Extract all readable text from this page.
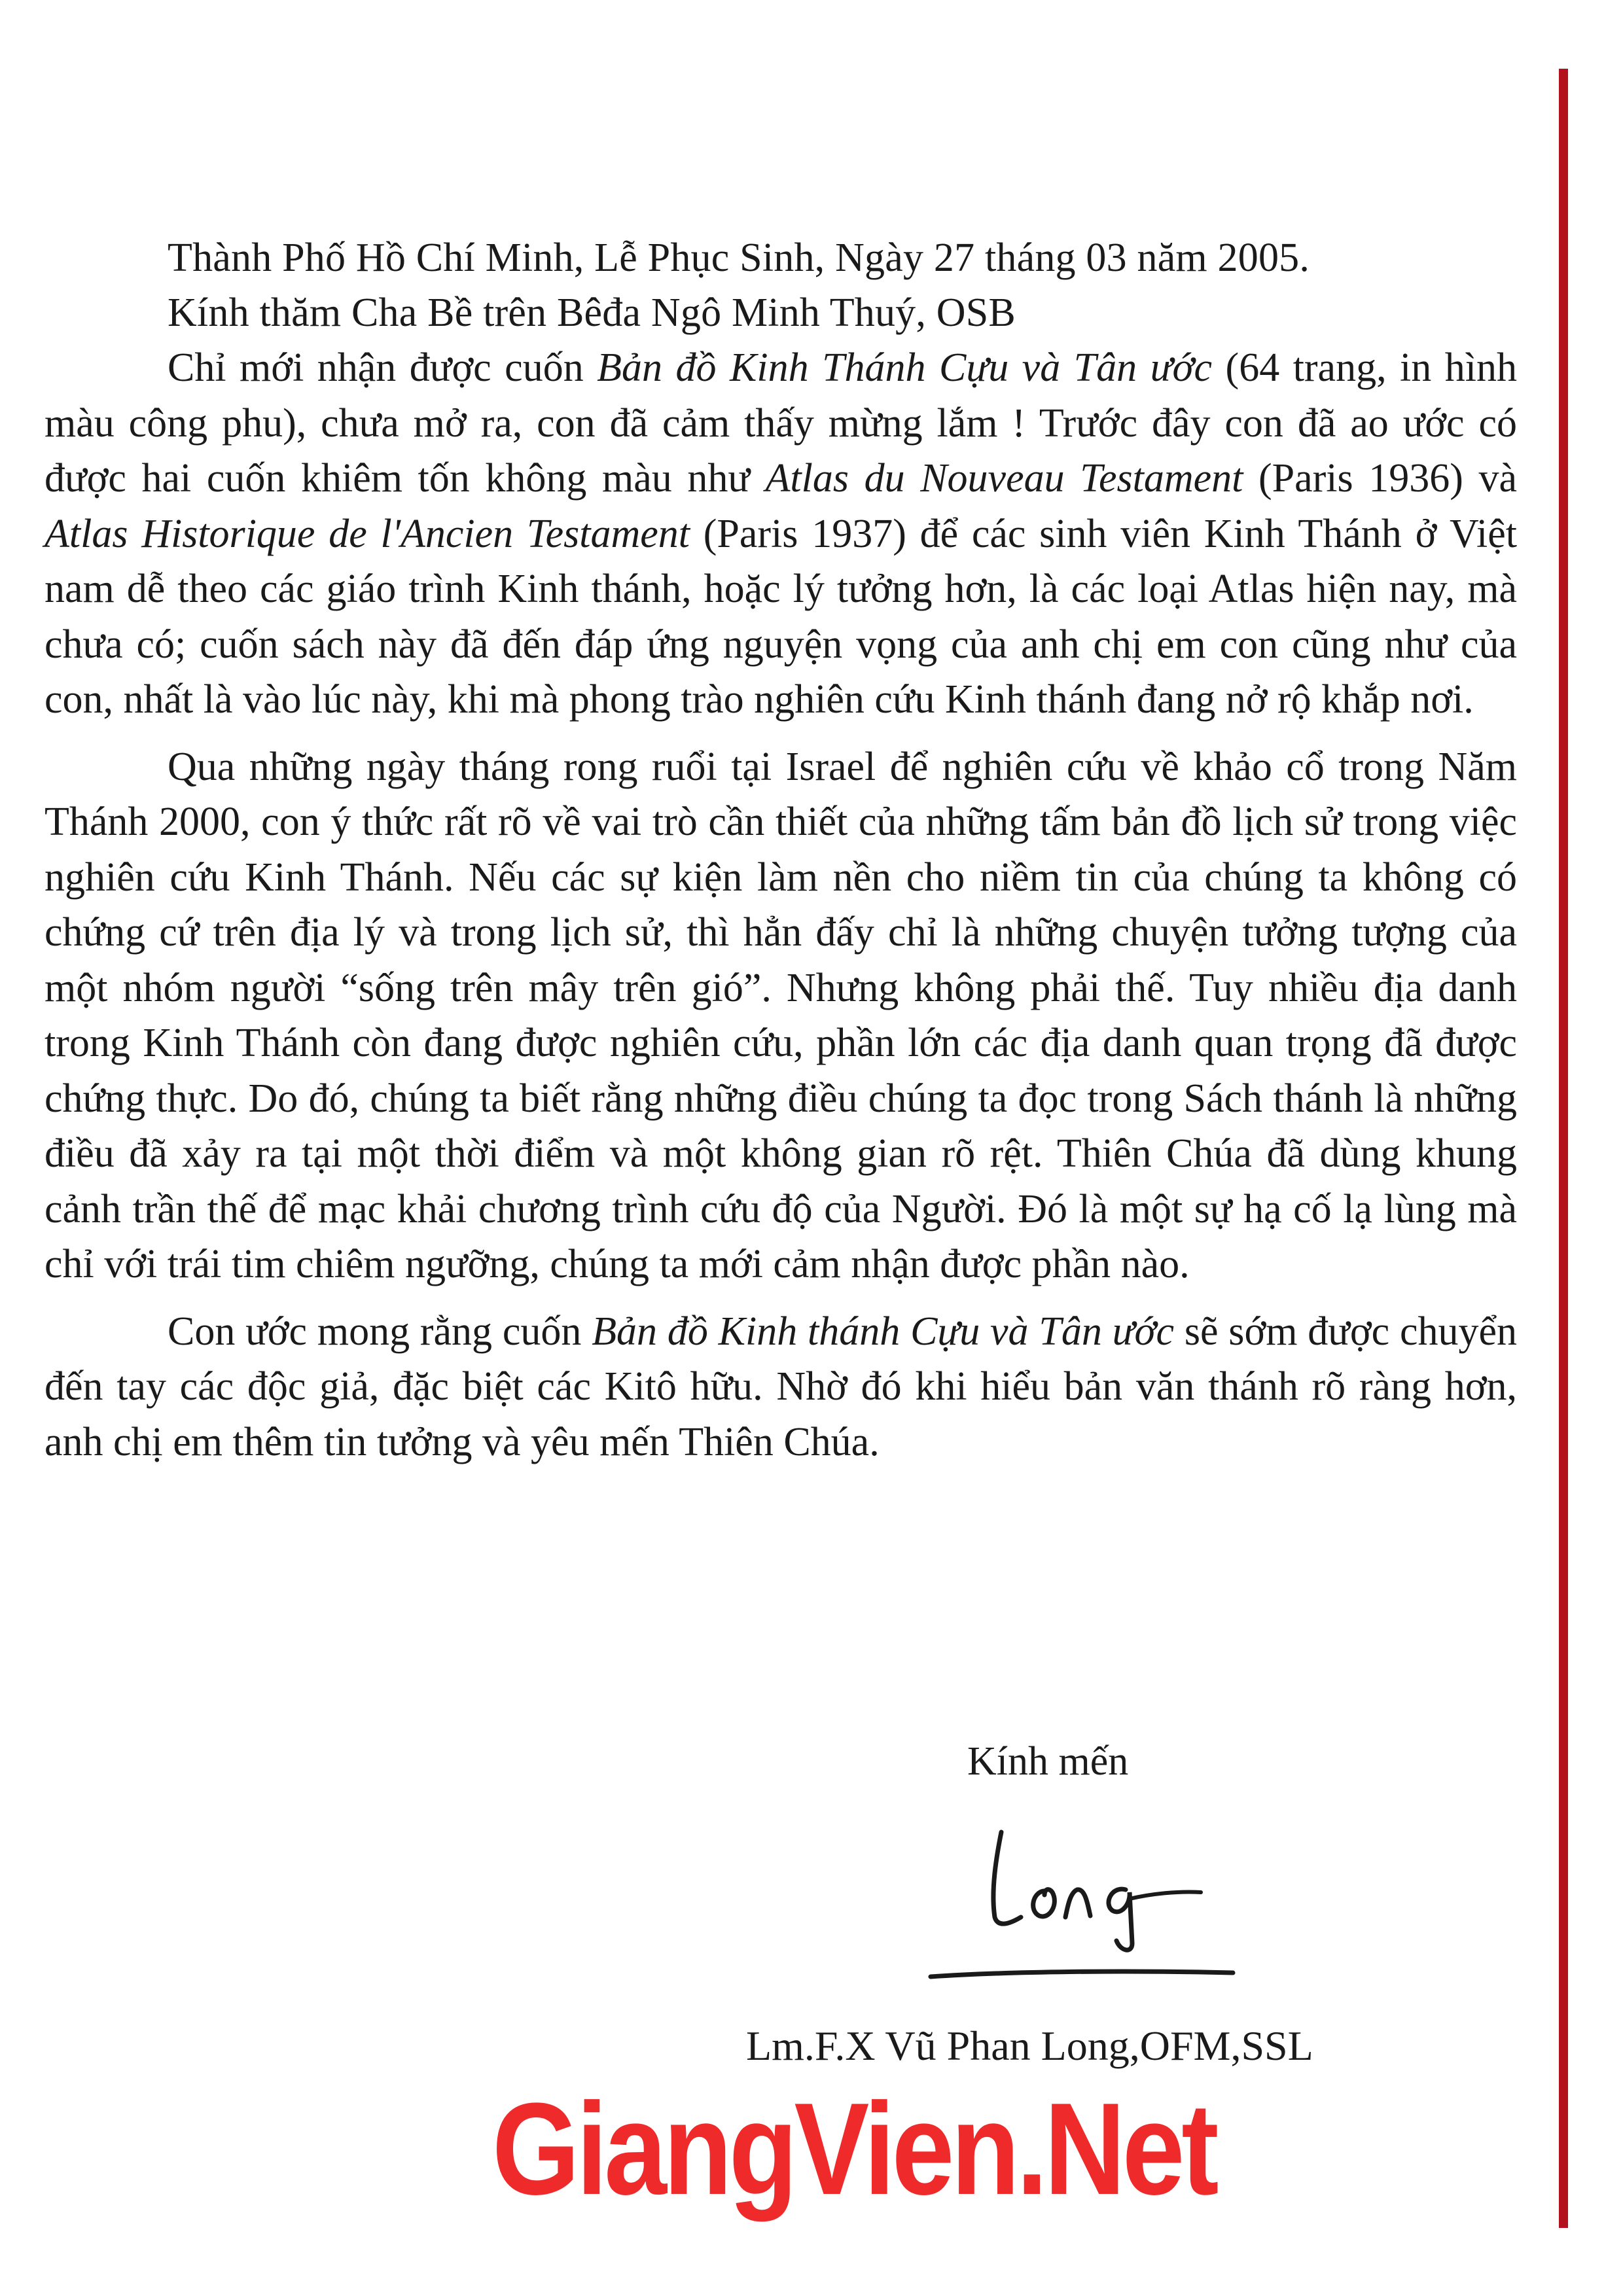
Thành Phố Hồ Chí Minh, Lễ Phục Sinh, Ngày 27 tháng 03 năm 2005.
Kính thăm Cha Bề trên Bêđa Ngô Minh Thuý, OSB

Chỉ mới nhận được cuốn Bản đồ Kinh Thánh Cựu và Tân ước (64 trang, in hình màu công phu), chưa mở ra, con đã cảm thấy mừng lắm ! Trước đây con đã ao ước có được hai cuốn khiêm tốn không màu như Atlas du Nouveau Testament (Paris 1936) và Atlas Historique de l'Ancien Testament (Paris 1937) để các sinh viên Kinh Thánh ở Việt nam dễ theo các giáo trình Kinh thánh, hoặc lý tưởng hơn, là các loại Atlas hiện nay, mà chưa có; cuốn sách này đã đến đáp ứng nguyện vọng của anh chị em con cũng như của con, nhất là vào lúc này, khi mà phong trào nghiên cứu Kinh thánh đang nở rộ khắp nơi.

Qua những ngày tháng rong ruổi tại Israel để nghiên cứu về khảo cổ trong Năm Thánh 2000, con ý thức rất rõ về vai trò cần thiết của những tấm bản đồ lịch sử trong việc nghiên cứu Kinh Thánh. Nếu các sự kiện làm nền cho niềm tin của chúng ta không có chứng cứ trên địa lý và trong lịch sử, thì hẳn đấy chỉ là những chuyện tưởng tượng của một nhóm người “sống trên mây trên gió”. Nhưng không phải thế. Tuy nhiều địa danh trong Kinh Thánh còn đang được nghiên cứu, phần lớn các địa danh quan trọng đã được chứng thực. Do đó, chúng ta biết rằng những điều chúng ta đọc trong Sách thánh là những điều đã xảy ra tại một thời điểm và một không gian rõ rệt. Thiên Chúa đã dùng khung cảnh trần thế để mạc khải chương trình cứu độ của Người. Đó là một sự hạ cố lạ lùng mà chỉ với trái tim chiêm ngưỡng, chúng ta mới cảm nhận được phần nào.

Con ước mong rằng cuốn Bản đồ Kinh thánh Cựu và Tân ước sẽ sớm được chuyển đến tay các độc giả, đặc biệt các Kitô hữu. Nhờ đó khi hiểu bản văn thánh rõ ràng hơn, anh chị em thêm tin tưởng và yêu mến Thiên Chúa.

Kính mến
Lm.F.X Vũ Phan Long,OFM,SSL
GiangVien.Net
